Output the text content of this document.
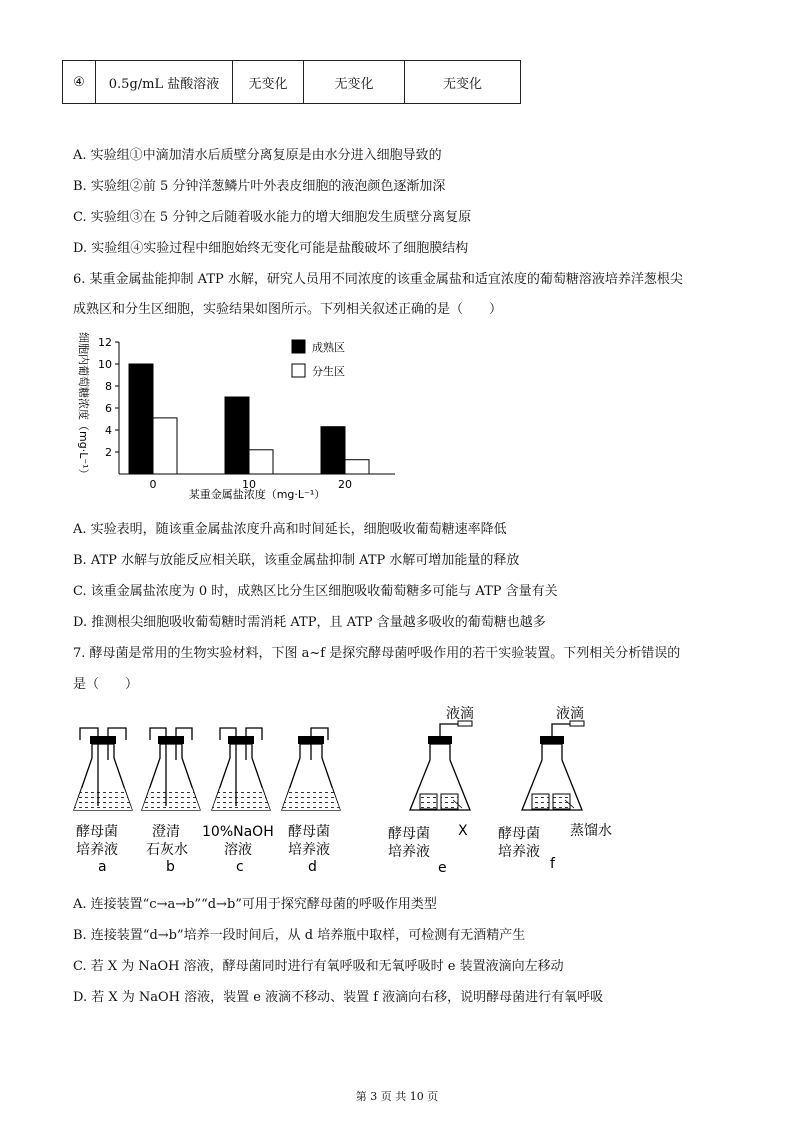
④	0.5g/mL 盐酸溶液	无变化	无变化	无变化
A. 实验组①中滴加清水后质壁分离复原是由水分进入细胞导致的
B. 实验组②前 5 分钟洋葱鳞片叶外表皮细胞的液泡颜色逐渐加深
C. 实验组③在 5 分钟之后随着吸水能力的增大细胞发生质壁分离复原
D. 实验组④实验过程中细胞始终无变化可能是盐酸破坏了细胞膜结构
6. 某重金属盐能抑制 ATP 水解，研究人员用不同浓度的该重金属盐和适宜浓度的葡萄糖溶液培养洋葱根尖
成熟区和分生区细胞，实验结果如图所示。下列相关叙述正确的是（　　）
细胞内葡萄糖浓度（mg·L⁻¹） 2
4
6
8
10
12
0	10	20
成熟区
分生区
某重金属盐浓度（mg·L⁻¹）
A. 实验表明，随该重金属盐浓度升高和时间延长，细胞吸收葡萄糖速率降低
B. ATP 水解与放能反应相关联，该重金属盐抑制 ATP 水解可增加能量的释放
C. 该重金属盐浓度为 0 时，成熟区比分生区细胞吸收葡萄糖多可能与 ATP 含量有关
D. 推测根尖细胞吸收葡萄糖时需消耗 ATP，且 ATP 含量越多吸收的葡萄糖也越多
7. 酵母菌是常用的生物实验材料，下图 a~f 是探究酵母菌呼吸作用的若干实验装置。下列相关分析错误的
是（　　）
酵母菌
培养液
a
澄清
石灰水
b
10%NaOH
溶液
c
酵母菌
培养液
d
液滴
X
酵母菌
培养液
e
液滴
蒸馏水
酵母菌
培养液
f
A. 连接装置“c→a→b”“d→b”可用于探究酵母菌的呼吸作用类型
B. 连接装置“d→b”培养一段时间后，从 d 培养瓶中取样，可检测有无酒精产生
C. 若 X 为 NaOH 溶液，酵母菌同时进行有氧呼吸和无氧呼吸时 e 装置液滴向左移动
D. 若 X 为 NaOH 溶液，装置 e 液滴不移动、装置 f 液滴向右移，说明酵母菌进行有氧呼吸
第 3 页 共 10 页
